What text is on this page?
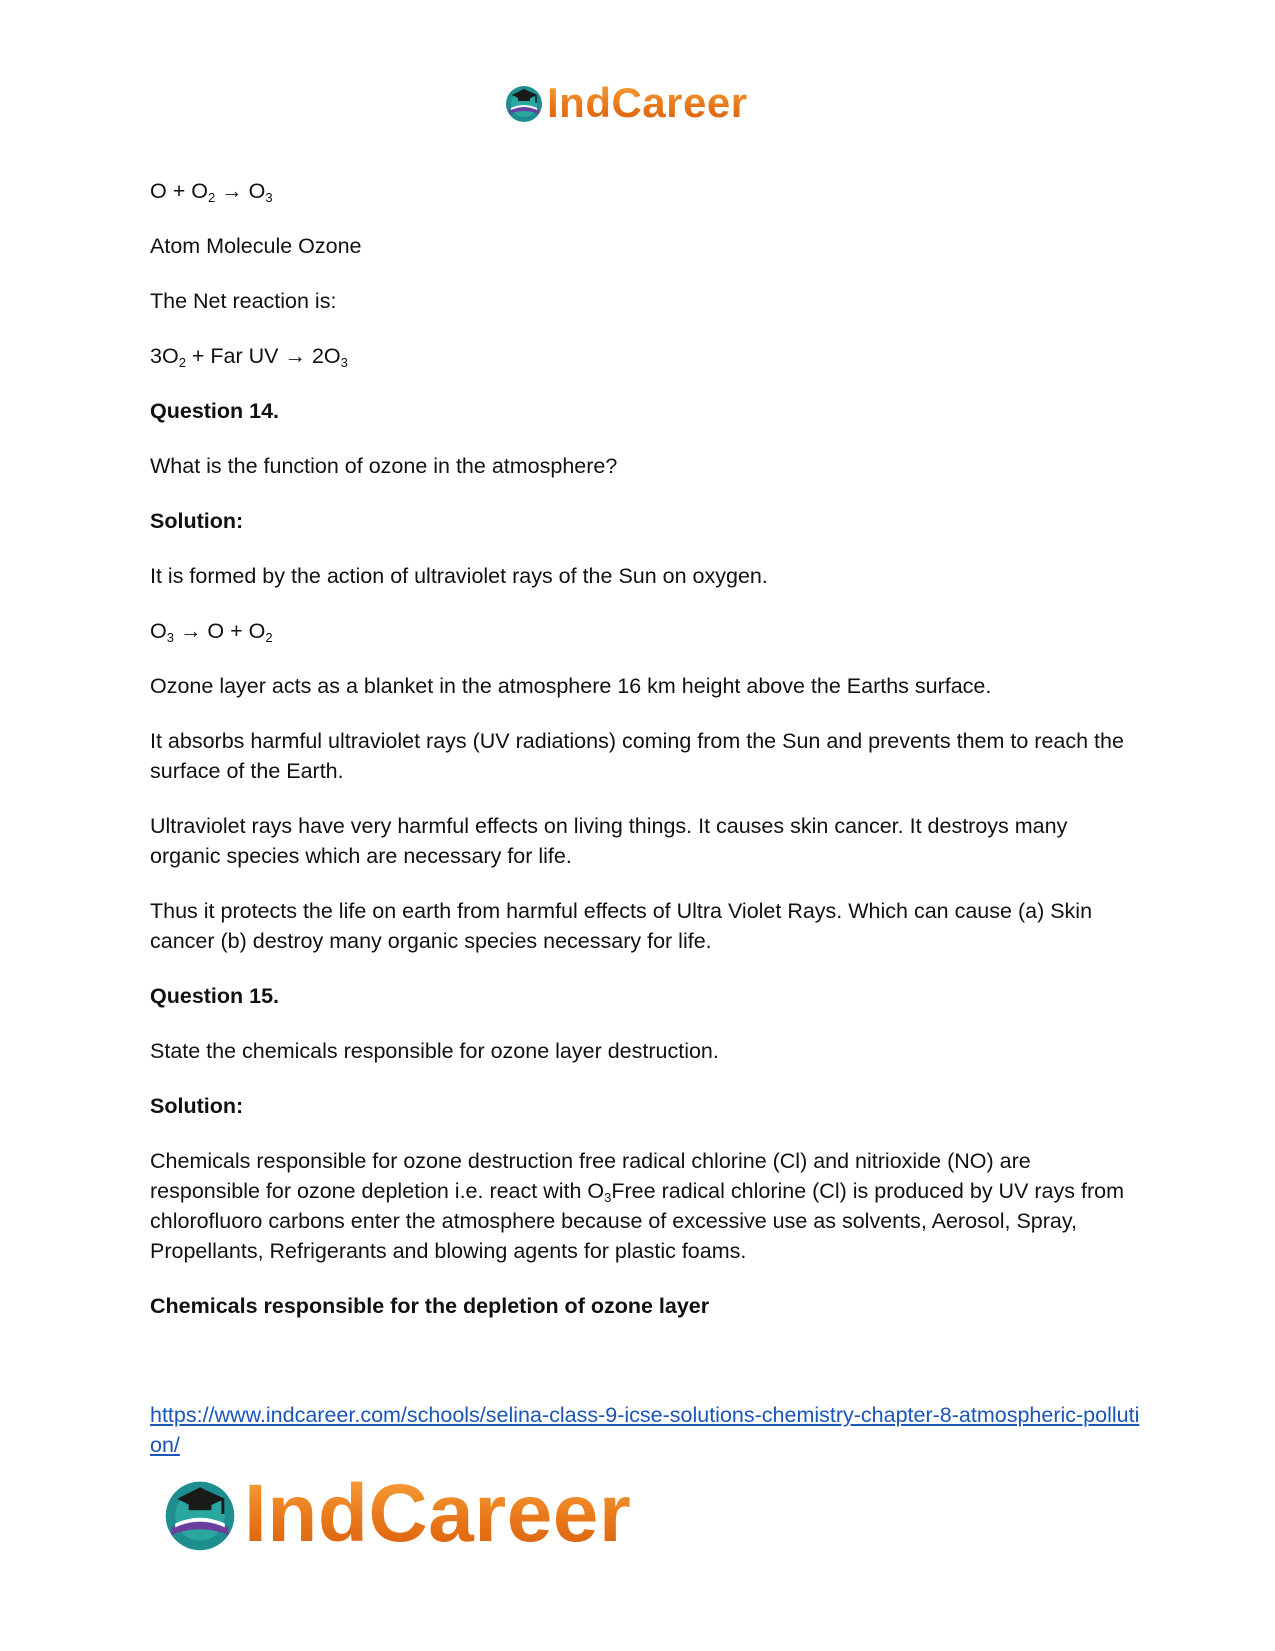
IndCareer

$O + O_2 \to O_3$

Atom Molecule Ozone

The Net reaction is:

$3O_2$ + Far UV → $2O_3$

Question 14.

What is the function of ozone in the atmosphere?

Solution:

It is formed by the action of ultraviolet rays of the Sun on oxygen.

$O_3 \to O + O_2$

Ozone layer acts as a blanket in the atmosphere 16 km height above the Earths surface.

It absorbs harmful ultraviolet rays (UV radiations) coming from the Sun and prevents them to reach the surface of the Earth.

Ultraviolet rays have very harmful effects on living things. It causes skin cancer. It destroys many organic species which are necessary for life.

Thus it protects the life on earth from harmful effects of Ultra Violet Rays. Which can cause (a) Skin cancer (b) destroy many organic species necessary for life.

Question 15.

State the chemicals responsible for ozone layer destruction.

Solution:

Chemicals responsible for ozone destruction free radical chlorine (Cl) and nitrioxide (NO) are responsible for ozone depletion i.e. react with $O_3Free$ radical chlorine (Cl) is produced by UV rays from chlorofluoro carbons enter the atmosphere because of excessive use as solvents, Aerosol, Spray, Propellants, Refrigerants and blowing agents for plastic foams.

Chemicals responsible for the depletion of ozone layer

https://www.indcareer.com/schools/selina-class-9-icse-solutions-chemistry-chapter-8-atmospheric-pollution/
IndCareer
